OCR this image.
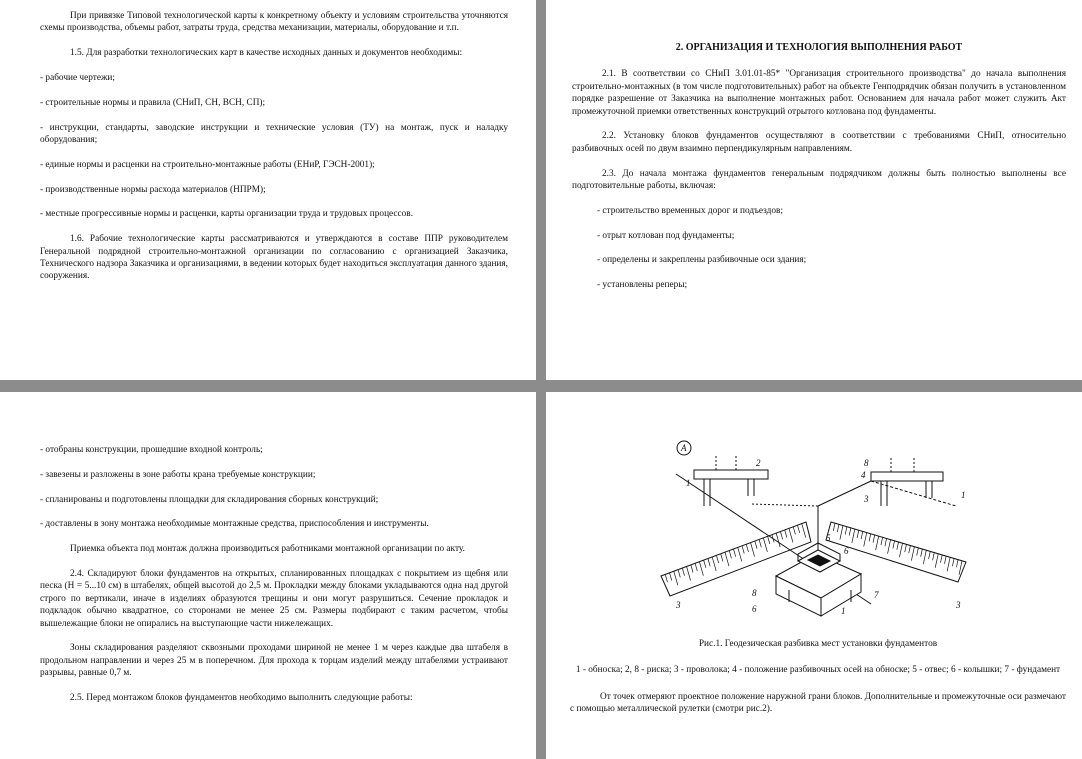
При привязке Типовой технологической карты к конкретному объекту и условиям строительства уточняются схемы производства, объемы работ, затраты труда, средства механизации, материалы, оборудование и т.п.

1.5. Для разработки технологических карт в качестве исходных данных и документов необходимы:

- рабочие чертежи;

- строительные нормы и правила (СНиП, СН, ВСН, СП);

- инструкции, стандарты, заводские инструкции и технические условия (ТУ) на монтаж, пуск и наладку оборудования;

- единые нормы и расценки на строительно-монтажные работы (ЕНиР, ГЭСН-2001);

- производственные нормы расхода материалов (НПРМ);

- местные прогрессивные нормы и расценки, карты организации труда и трудовых процессов.

1.6. Рабочие технологические карты рассматриваются и утверждаются в составе ППР руководителем Генеральной подрядной строительно-монтажной организации по согласованию с организацией Заказчика, Технического надзора Заказчика и организациями, в ведении которых будет находиться эксплуатация данного здания, сооружения.

2. ОРГАНИЗАЦИЯ И ТЕХНОЛОГИЯ ВЫПОЛНЕНИЯ РАБОТ

2.1. В соответствии со СНиП 3.01.01-85* "Организация строительного производства" до начала выполнения строительно-монтажных (в том числе подготовительных) работ на объекте Генподрядчик обязан получить в установленном порядке разрешение от Заказчика на выполнение монтажных работ. Основанием для начала работ может служить Акт промежуточной приемки ответственных конструкций отрытого котлована под фундаменты.

2.2. Установку блоков фундаментов осуществляют в соответствии с требованиями СНиП, относительно разбивочных осей по двум взаимно перпендикулярным направлениям.

2.3. До начала монтажа фундаментов генеральным подрядчиком должны быть полностью выполнены все подготовительные работы, включая:

- строительство временных дорог и подъездов;

- отрыт котлован под фундаменты;

- определены и закреплены разбивочные оси здания;

- установлены реперы;

- отобраны конструкции, прошедшие входной контроль;

- завезены и разложены в зоне работы крана требуемые конструкции;

- спланированы и подготовлены площадки для складирования сборных конструкций;

- доставлены в зону монтажа необходимые монтажные средства, приспособления и инструменты.

Приемка объекта под монтаж должна производиться работниками монтажной организации по акту.

2.4. Складируют блоки фундаментов на открытых, спланированных площадках с покрытием из щебня или песка (Н = 5...10 см) в штабелях, общей высотой до 2,5 м. Прокладки между блоками укладываются одна над другой строго по вертикали, иначе в изделиях образуются трещины и они могут разрушиться. Сечение прокладок и подкладок обычно квадратное, со сторонами не менее 25 см. Размеры подбирают с таким расчетом, чтобы вышележащие блоки не опирались на выступающие части нижележащих.

Зоны складирования разделяют сквозными проходами шириной не менее 1 м через каждые два штабеля в продольном направлении и через 25 м в поперечном. Для прохода к торцам изделий между штабелями устраивают разрывы, равные 0,7 м.

2.5. Перед монтажом блоков фундаментов необходимо выполнить следующие работы:

А
1
1
2	8
4
3
3	3
5
6
8
6
7
1

Рис.1. Геодезическая разбивка мест установки фундаментов

1 - обноска; 2, 8 - риска; 3 - проволока; 4 - положение разбивочных осей на обноске; 5 - отвес; 6 - колышки; 7 - фундамент

От точек отмеряют проектное положение наружной грани блоков. Дополнительные и промежуточные оси размечают с помощью металлической рулетки (смотри рис.2).
